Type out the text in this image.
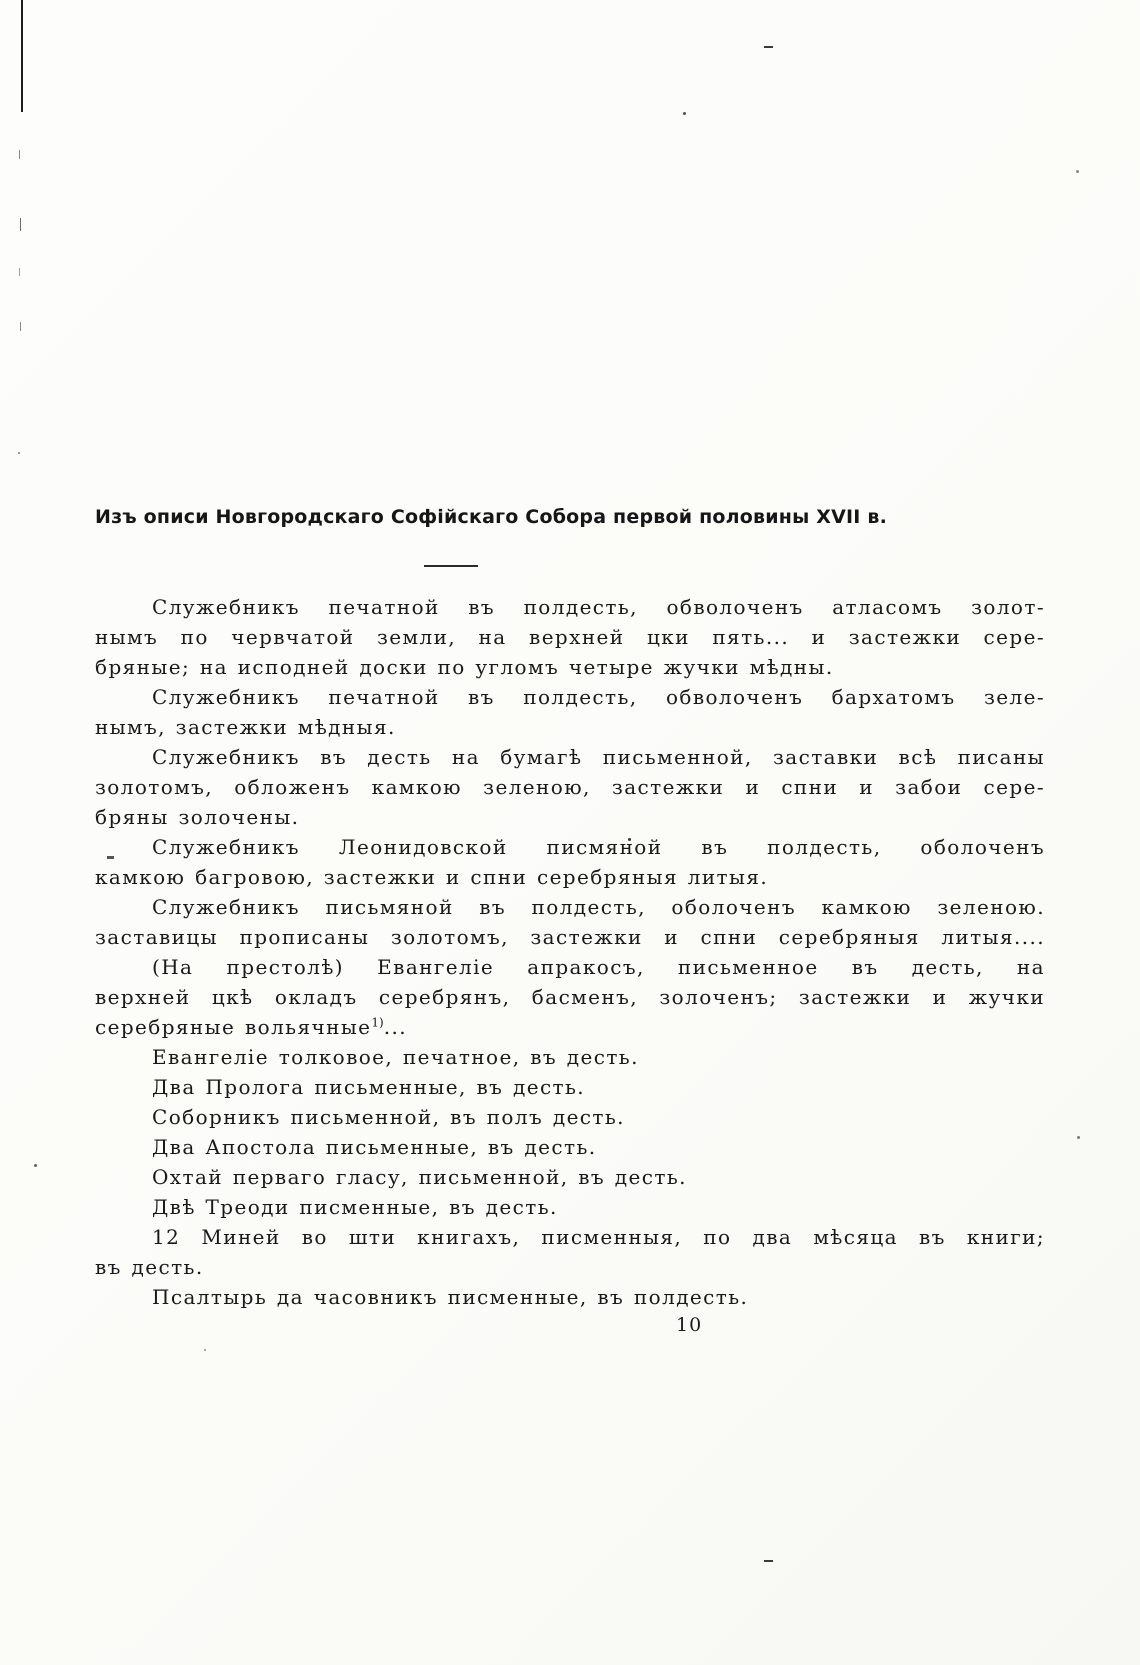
Изъ описи Новгородскаго Софійскаго Собора первой половины XVII в.
Служебникъ печатной въ полдесть, обволоченъ атласомъ золот-
нымъ по червчатой земли, на верхней цки пять... и застежки сере-
бряные; на исподней доски по угломъ четыре жучки мѣдны.
Служебникъ печатной въ полдесть, обволоченъ бархатомъ зеле-
нымъ, застежки мѣдныя.
Служебникъ въ десть на бумагѣ письменной, заставки всѣ писаны
золотомъ, обложенъ камкою зеленою, застежки и спни и забои сере-
бряны золочены.
Служебникъ Леонидовской писмяной въ полдесть, оболоченъ
камкою багровою, застежки и спни серебряныя литыя.
Служебникъ письмяной въ полдесть, оболоченъ камкою зеленою.
заставицы прописаны золотомъ, застежки и спни серебряныя литыя....
(На престолѣ) Евангеліе апракосъ, письменное въ десть, на
верхней цкѣ окладъ серебрянъ, басменъ, золоченъ; застежки и жучки
серебряные вольячные$^{1)}$...
Евангеліе толковое, печатное, въ десть.
Два Пролога письменные, въ десть.
Соборникъ письменной, въ полъ десть.
Два Апостола письменные, въ десть.
Охтай перваго гласу, письменной, въ десть.
Двѣ Треоди писменные, въ десть.
12 Миней во шти книгахъ, писменныя, по два мѣсяца въ книги;
въ десть.
Псалтырь да часовникъ писменные, въ полдесть.
10
